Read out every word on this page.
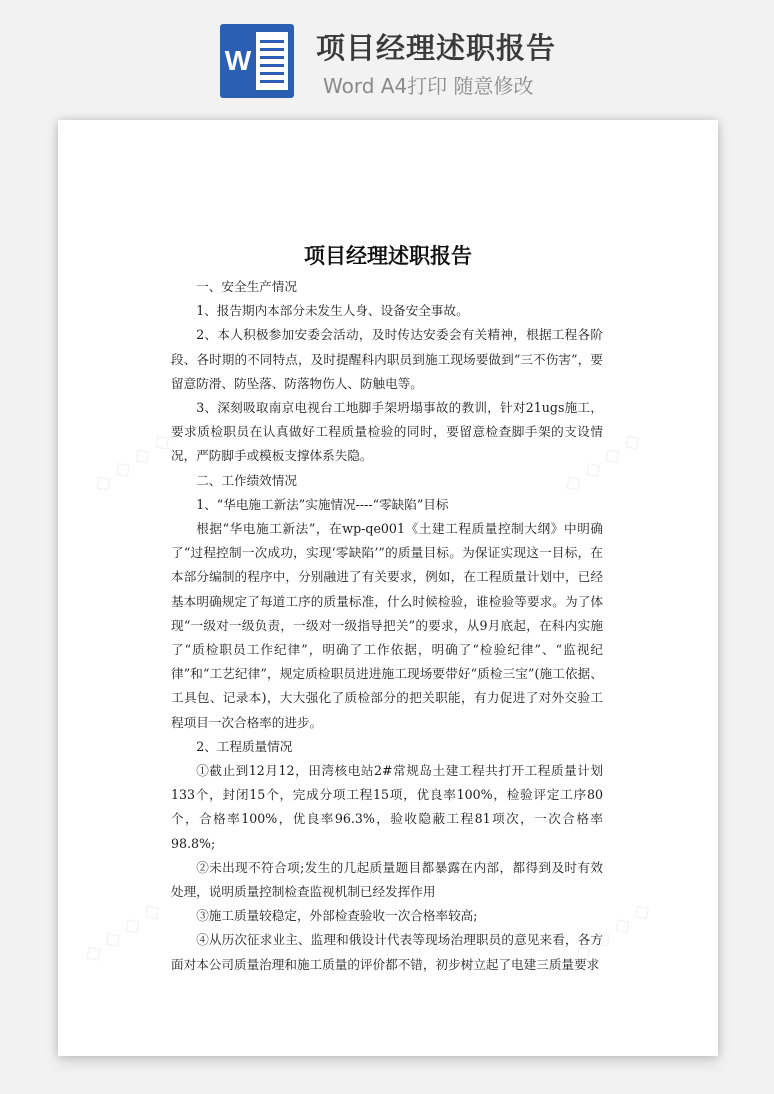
W 项目经理述职报告
Word A4打印 随意修改
◇ ◇ ◇ ◇	◇ ◇ ◇ ◇
◇ ◇ ◇ ◇	◇ ◇ ◇ ◇
项目经理述职报告

一、安全生产情况

1、报告期内本部分未发生人身、设备安全事故。

2、本人积极参加安委会活动，及时传达安委会有关精神，根据工程各阶段、各时期的不同特点，及时提醒科内职员到施工现场要做到“三不伤害”，要留意防滑、防坠落、防落物伤人、防触电等。

3、深刻吸取南京电视台工地脚手架坍塌事故的教训，针对21ugs施工，要求质检职员在认真做好工程质量检验的同时，要留意检查脚手架的支设情况，严防脚手或模板支撑体系失隐。

二、工作绩效情况

1、“华电施工新法”实施情况----“零缺陷”目标

根据“华电施工新法”，在wp-qe001《土建工程质量控制大纲》中明确了“过程控制一次成功，实现‘零缺陷’”的质量目标。为保证实现这一目标，在本部分编制的程序中，分别融进了有关要求，例如，在工程质量计划中，已经基本明确规定了每道工序的质量标准，什么时候检验，谁检验等要求。为了体现“一级对一级负责，一级对一级指导把关”的要求，从9月底起，在科内实施了“质检职员工作纪律”，明确了工作依据，明确了“检验纪律”、“监视纪律”和“工艺纪律”，规定质检职员进进施工现场要带好“质检三宝”(施工依据、工具包、记录本)，大大强化了质检部分的把关职能，有力促进了对外交验工程项目一次合格率的进步。

2、工程质量情况

①截止到12月12，田湾核电站2#常规岛土建工程共打开工程质量计划133个，封闭15个，完成分项工程15项，优良率100%，检验评定工序80个，合格率100%，优良率96.3%，验收隐蔽工程81项次，一次合格率98.8%;

②未出现不符合项;发生的几起质量题目都暴露在内部，都得到及时有效处理，说明质量控制检查监视机制已经发挥作用

③施工质量较稳定，外部检查验收一次合格率较高;

④从历次征求业主、监理和俄设计代表等现场治理职员的意见来看，各方面对本公司质量治理和施工质量的评价都不错，初步树立起了电建三质量要求
